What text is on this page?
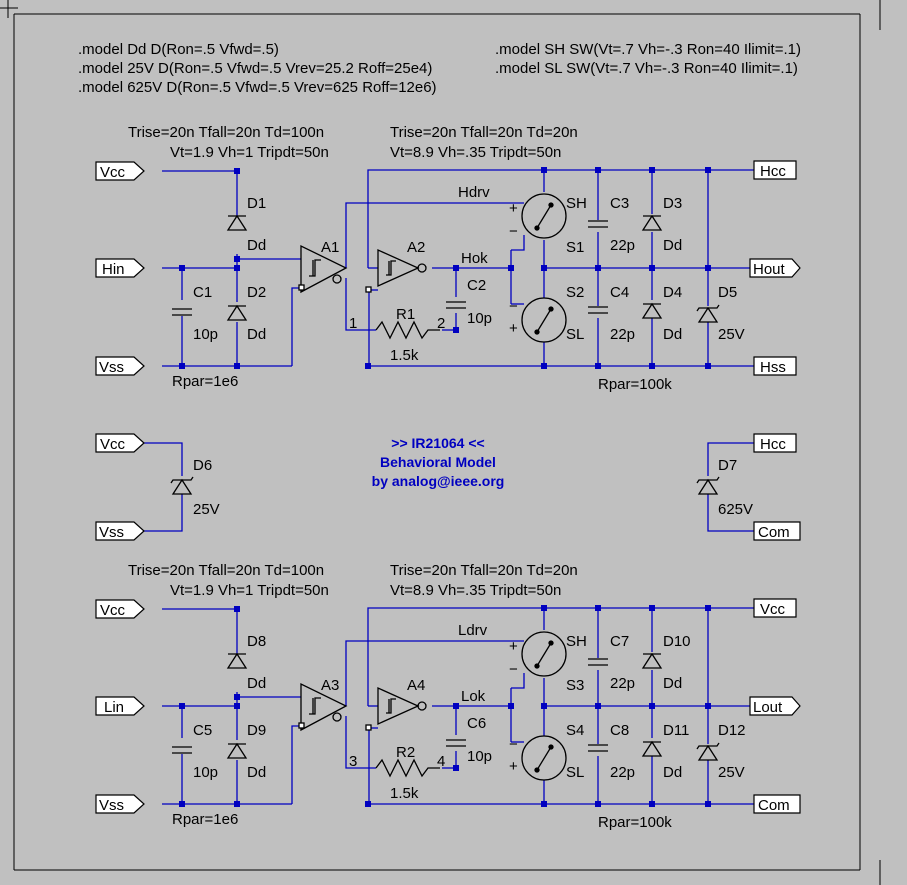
.model Dd D(Ron=.5 Vfwd=.5)
.model 25V D(Ron=.5 Vfwd=.5 Vrev=25.2 Roff=25e4)
.model 625V D(Ron=.5 Vfwd=.5 Vrev=625 Roff=12e6)
.model SH SW(Vt=.7 Vh=-.3 Ron=40 Ilimit=.1)
.model SL SW(Vt=.7 Vh=-.3 Ron=40 Ilimit=.1)
>> IR21064 <<
Behavioral Model
by analog@ieee.org
Vcc
Hin
Vss
Hcc
Hout
Hss
D1
Dd
D2
Dd
C1
10p
Rpar=1e6
A1
Trise=20n Tfall=20n Td=100n
Vt=1.9 Vh=1 Tripdt=50n
A2
Trise=20n Tfall=20n Td=20n
Vt=8.9 Vh=.35 Tripdt=50n
Hdrv
Hok
C2
10p
R1
1.5k
1	2
SH
S1
+
−
S2
SL
−
+
C3
22p
C4
22p
D3
Dd
D4
Dd
D5
25V
Rpar=100k
Vcc
Vss
D6
25V
Hcc
Com
D7
625V
Vcc
Lin
Vss
Vcc
Lout
Com
D8
Dd
D9
Dd
C5
10p
Rpar=1e6
A3
Trise=20n Tfall=20n Td=100n
Vt=1.9 Vh=1 Tripdt=50n
A4
Trise=20n Tfall=20n Td=20n
Vt=8.9 Vh=.35 Tripdt=50n
Ldrv
Lok
C6
10p
R2
1.5k
3	4
SH
S3
+
−
S4
SL
−
+
C7
22p
C8
22p
D10
Dd
D11
Dd
D12
25V
Rpar=100k
